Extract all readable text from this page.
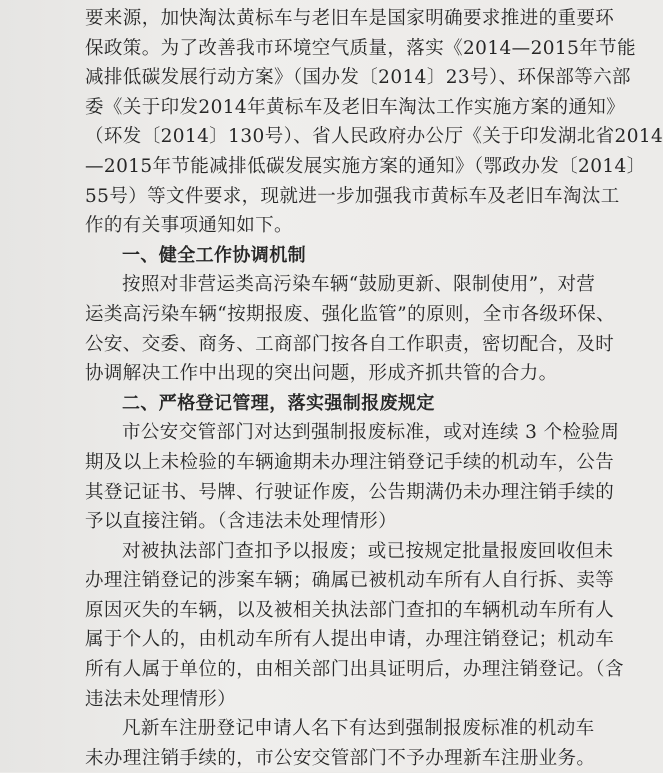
要来源，加快淘汰黄标车与老旧车是国家明确要求推进的重要环
保政策。为了改善我市环境空气质量，落实《2014—2015年节能
减排低碳发展行动方案》（国办发〔2014〕23号）、环保部等六部
委《关于印发2014年黄标车及老旧车淘汰工作实施方案的通知》
（环发〔2014〕130号）、省人民政府办公厅《关于印发湖北省2014
—2015年节能减排低碳发展实施方案的通知》（鄂政办发〔2014〕
55号）等文件要求，现就进一步加强我市黄标车及老旧车淘汰工
作的有关事项通知如下。
一、健全工作协调机制
按照对非营运类高污染车辆“鼓励更新、限制使用”，对营
运类高污染车辆“按期报废、强化监管”的原则，全市各级环保、
公安、交委、商务、工商部门按各自工作职责，密切配合，及时
协调解决工作中出现的突出问题，形成齐抓共管的合力。
二、严格登记管理，落实强制报废规定
市公安交管部门对达到强制报废标准，或对连续 3 个检验周
期及以上未检验的车辆逾期未办理注销登记手续的机动车，公告
其登记证书、号牌、行驶证作废，公告期满仍未办理注销手续的
予以直接注销。（含违法未处理情形）
对被执法部门查扣予以报废；或已按规定批量报废回收但未
办理注销登记的涉案车辆；确属已被机动车所有人自行拆、卖等
原因灭失的车辆，以及被相关执法部门查扣的车辆机动车所有人
属于个人的，由机动车所有人提出申请，办理注销登记；机动车
所有人属于单位的，由相关部门出具证明后，办理注销登记。（含
违法未处理情形）
凡新车注册登记申请人名下有达到强制报废标准的机动车
未办理注销手续的，市公安交管部门不予办理新车注册业务。
